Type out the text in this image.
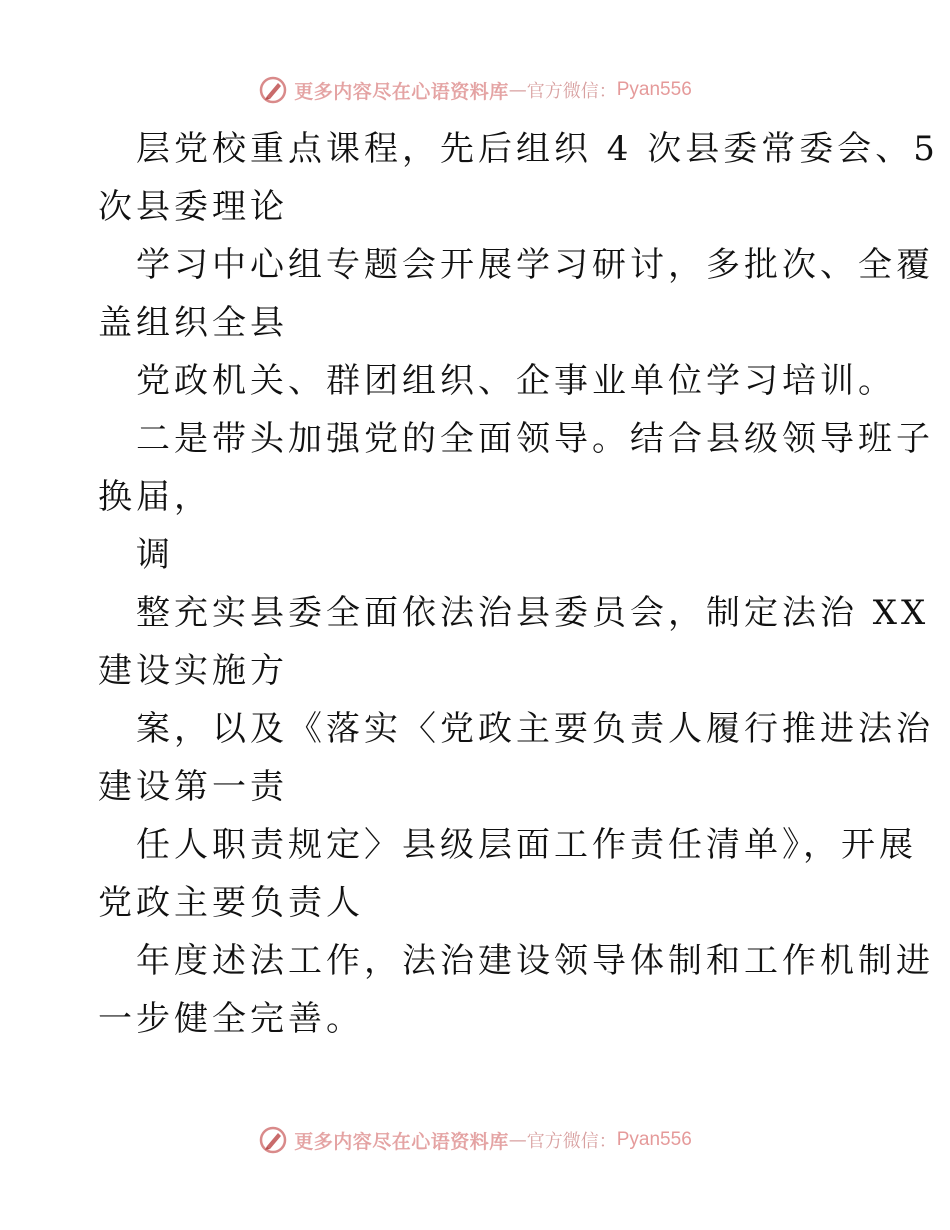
更多内容尽在心语资料库 — 官方微信： Pyan556
层党校重点课程，先后组织 4 次县委常委会、5
次县委理论
学习中心组专题会开展学习研讨，多批次、全覆
盖组织全县
党政机关、群团组织、企事业单位学习培训。
二是带头加强党的全面领导。结合县级领导班子
换届，
调
整充实县委全面依法治县委员会，制定法治 XX
建设实施方
案，以及《落实〈党政主要负责人履行推进法治
建设第一责
任人职责规定〉县级层面工作责任清单》，开展
党政主要负责人
年度述法工作，法治建设领导体制和工作机制进
一步健全完善。
更多内容尽在心语资料库 — 官方微信： Pyan556
